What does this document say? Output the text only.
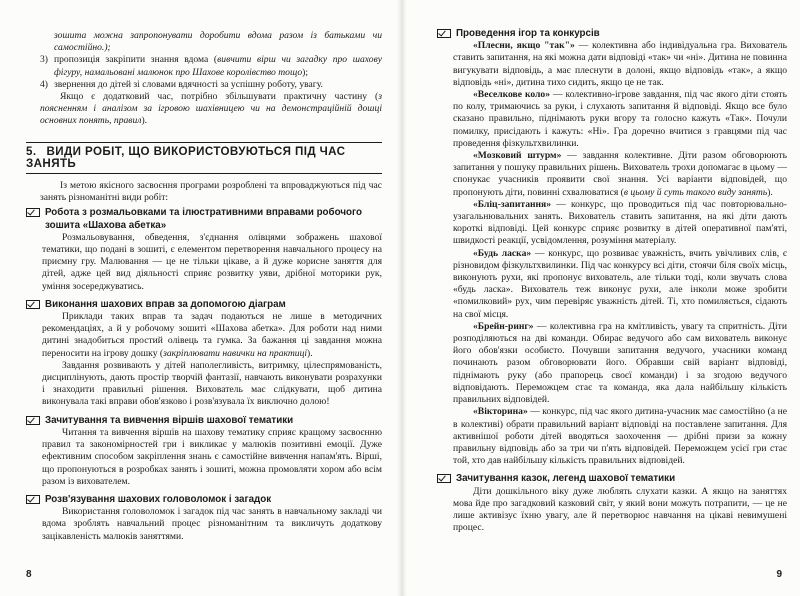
зошита можна запропонувати доробити вдома разом із батьками чи самостійно.);

3) пропозиція закріпити знання вдома (вивчити вірш чи загадку про шахову фігуру, намальовані малюнок про Шахове королівство тощо);

4) звернення до дітей зі словами вдячності за успішну роботу, увагу.

Якщо є додатковий час, потрібно збільшувати практичну частину (з поясненням і аналізом за ігровою шахівницею чи на демонстраційній дошці основних понять, правил).

5. ВИДИ РОБІТ, ЩО ВИКОРИСТОВУЮТЬСЯ ПІД ЧАС ЗАНЯТЬ

Із метою якісного засвоєння програми розроблені та впроваджуються під час занять різноманітні види робіт:

Робота з розмальовками та ілюстративними вправами робочого зошита «Шахова абетка»

Розмальовування, обведення, з'єднання олівцями зображень шахової тематики, що подані в зошиті, є елементом перетворення навчального процесу на приємну гру. Малювання — це не тільки цікаве, а й дуже корисне заняття для дітей, адже цей вид діяльності сприяє розвитку уяви, дрібної моторики рук, уміння зосереджуватись.

Виконання шахових вправ за допомогою діаграм

Приклади таких вправ та задач подаються не лише в методичних рекомендаціях, а й у робочому зошиті «Шахова абетка». Для роботи над ними дитині знадобиться простий олівець та гумка. За бажання ці завдання можна переносити на ігрову дошку (закріплювати навички на практиці).

Завдання розвивають у дітей наполегливість, витримку, цілеспрямованість, дисциплінують, дають простір творчій фантазії, навчають виконувати розрахунки і знаходити правильні рішення. Вихователь має слідкувати, щоб дитина виконувала такі вправи обов'язково і розв'язувала їх виключно долою!

Зачитування та вивчення віршів шахової тематики

Читання та вивчення віршів на шахову тематику сприяє кращому засвоєнню правил та закономірностей гри і викликає у малюків позитивні емоції. Дуже ефективним способом закріплення знань є самостійне вивчення напам'ять. Вірші, що пропонуються в розробках занять і зошиті, можна промовляти хором або всім разом із вихователем.

Розв'язування шахових головоломок і загадок

Використання головоломок і загадок під час занять в навчальному закладі чи вдома зроблять навчальний процес різноманітним та викличуть додаткову зацікавленість малюків заняттями.

8
Проведення ігор та конкурсів

«Плесни, якщо "так"» — колективна або індивідуальна гра. Вихователь ставить запитання, на які можна дати відповіді «так» чи «ні». Дитина не повинна вигукувати відповідь, а має плеснути в долоні, якщо відповідь «так», а якщо відповідь «ні», дитина тихо сидить, якщо це не так.

«Веселкове коло» — колективно-ігрове завдання, під час якого діти стоять по колу, тримаючись за руки, і слухають запитання й відповіді. Якщо все було сказано правильно, піднімають руки вгору та голосно кажуть «Так». Почули помилку, присідають і кажуть: «Ні». Гра доречно вчитися з гравцями під час проведення фізкультхвилинки.

«Мозковий штурм» — завдання колективне. Діти разом обговорюють запитання у пошуку правильних рішень. Вихователь трохи допомагає в цьому — спонукає учасників проявити свої знання. Усі варіанти відповідей, що пропонують діти, повинні схвалюватися (в цьому й суть такого виду занять).

«Бліц-запитання» — конкурс, що проводиться під час повторювально-узагальнювальних занять. Вихователь ставить запитання, на які діти дають короткі відповіді. Цей конкурс сприяє розвитку в дітей оперативної пам'яті, швидкості реакції, усвідомлення, розуміння матеріалу.

«Будь ласка» — конкурс, що розвиває уважність, вчить увічливих слів, є різновидом фізкультхвилинки. Під час конкурсу всі діти, стоячи біля своїх місць, виконують рухи, які пропонує вихователь, але тільки тоді, коли звучать слова «будь ласка». Вихователь теж виконує рухи, але інколи може зробити «помилковий» рух, чим перевіряє уважність дітей. Ті, хто помиляється, сідають на свої місця.

«Брейн-ринг» — колективна гра на кмітливість, увагу та спритність. Діти розподіляються на дві команди. Обирає ведучого або сам вихователь виконує його обов'язки особисто. Почувши запитання ведучого, учасники команд починають разом обговорювати його. Обравши свій варіант відповіді, піднімають руку (або прапорець своєї команди) і за згодою ведучого відповідають. Переможцем стає та команда, яка дала найбільшу кількість правильних відповідей.

«Вікторина» — конкурс, під час якого дитина-учасник має самостійно (а не в колективі) обрати правильний варіант відповіді на поставлене запитання. Для активнішої роботи дітей вводяться заохочення — дрібні призи за кожну правильну відповідь або за три чи п'ять відповідей. Переможцем усієї гри стає той, хто дав найбільшу кількість правильних відповідей.

Зачитування казок, легенд шахової тематики

Діти дошкільного віку дуже люблять слухати казки. А якщо на заняттях мова йде про загадковий казковий світ, у який вони можуть потрапити, — це не лише активізує їхню увагу, але й перетворює навчання на цікаві невимушені процес.

9
